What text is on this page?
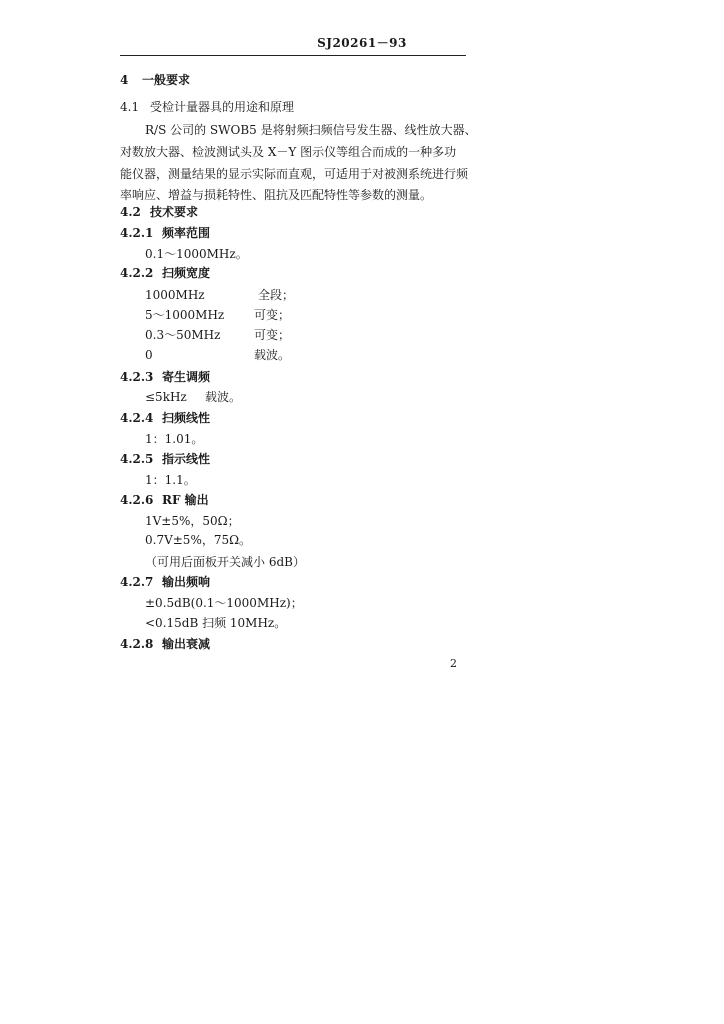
SJ20261－93
4 一般要求
4.1 受检计量器具的用途和原理
R/S 公司的 SWOB5 是将射频扫频信号发生器、线性放大器、
对数放大器、检波测试头及 X－Y 图示仪等组合而成的一种多功
能仪器，测量结果的显示实际而直观，可适用于对被测系统进行频
率响应、增益与损耗特性、阻抗及匹配特性等参数的测量。
4.2 技术要求
4.2.1 频率范围
0.1～1000MHz。
4.2.2 扫频宽度
1000MHz	全段；
5～1000MHz 可变；
0.3～50MHz	可变；
0	载波。
4.2.3 寄生调频
≤5kHz 载波。
4.2.4 扫频线性
1：1.01。
4.2.5 指示线性
1：1.1。
4.2.6 RF 输出
1V±5%，50Ω；
0.7V±5%，75Ω。
（可用后面板开关减小 6dB）
4.2.7 输出频响
±0.5dB(0.1～1000MHz)；
<0.15dB 扫频 10MHz。
4.2.8 输出衰减
2
